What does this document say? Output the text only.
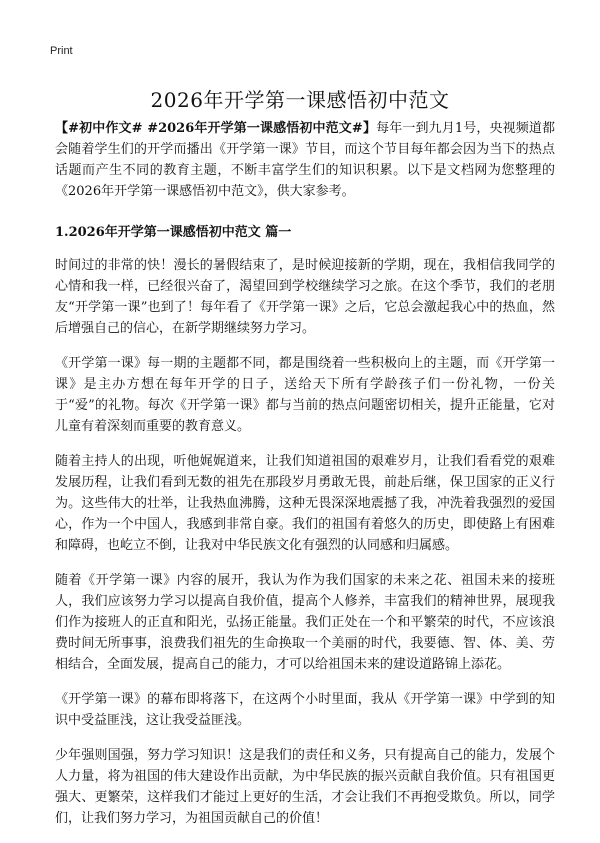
Print
2026年开学第一课感悟初中范文

【#初中作文# #2026年开学第一课感悟初中范文#】每年一到九月1号，央视频道都会随着学生们的开学而播出《开学第一课》节目，而这个节目每年都会因为当下的热点话题而产生不同的教育主题，不断丰富学生们的知识积累。以下是文档网为您整理的《2026年开学第一课感悟初中范文》，供大家参考。

1.2026年开学第一课感悟初中范文 篇一

时间过的非常的快！漫长的暑假结束了，是时候迎接新的学期，现在，我相信我同学的心情和我一样，已经很兴奋了，渴望回到学校继续学习之旅。在这个季节，我们的老朋友“开学第一课”也到了！每年看了《开学第一课》之后，它总会激起我心中的热血，然后增强自己的信心，在新学期继续努力学习。

《开学第一课》每一期的主题都不同，都是围绕着一些积极向上的主题，而《开学第一课》是主办方想在每年开学的日子，送给天下所有学龄孩子们一份礼物，一份关于“爱”的礼物。每次《开学第一课》都与当前的热点问题密切相关，提升正能量，它对儿童有着深刻而重要的教育意义。

随着主持人的出现，听他娓娓道来，让我们知道祖国的艰难岁月，让我们看看党的艰难发展历程，让我们看到无数的祖先在那段岁月勇敢无畏，前赴后继，保卫国家的正义行为。这些伟大的壮举，让我热血沸腾，这种无畏深深地震撼了我，冲洗着我强烈的爱国心，作为一个中国人，我感到非常自豪。我们的祖国有着悠久的历史，即使路上有困难和障碍，也屹立不倒，让我对中华民族文化有强烈的认同感和归属感。

随着《开学第一课》内容的展开，我认为作为我们国家的未来之花、祖国未来的接班人，我们应该努力学习以提高自我价值，提高个人修养，丰富我们的精神世界，展现我们作为接班人的正直和阳光，弘扬正能量。我们正处在一个和平繁荣的时代，不应该浪费时间无所事事，浪费我们祖先的生命换取一个美丽的时代，我要德、智、体、美、劳相结合，全面发展，提高自己的能力，才可以给祖国未来的建设道路锦上添花。

《开学第一课》的幕布即将落下，在这两个小时里面，我从《开学第一课》中学到的知识中受益匪浅，这让我受益匪浅。

少年强则国强，努力学习知识！这是我们的责任和义务，只有提高自己的能力，发展个人力量，将为祖国的伟大建设作出贡献，为中华民族的振兴贡献自我价值。只有祖国更强大、更繁荣，这样我们才能过上更好的生活，才会让我们不再抱受欺负。所以，同学们，让我们努力学习，为祖国贡献自己的价值！
